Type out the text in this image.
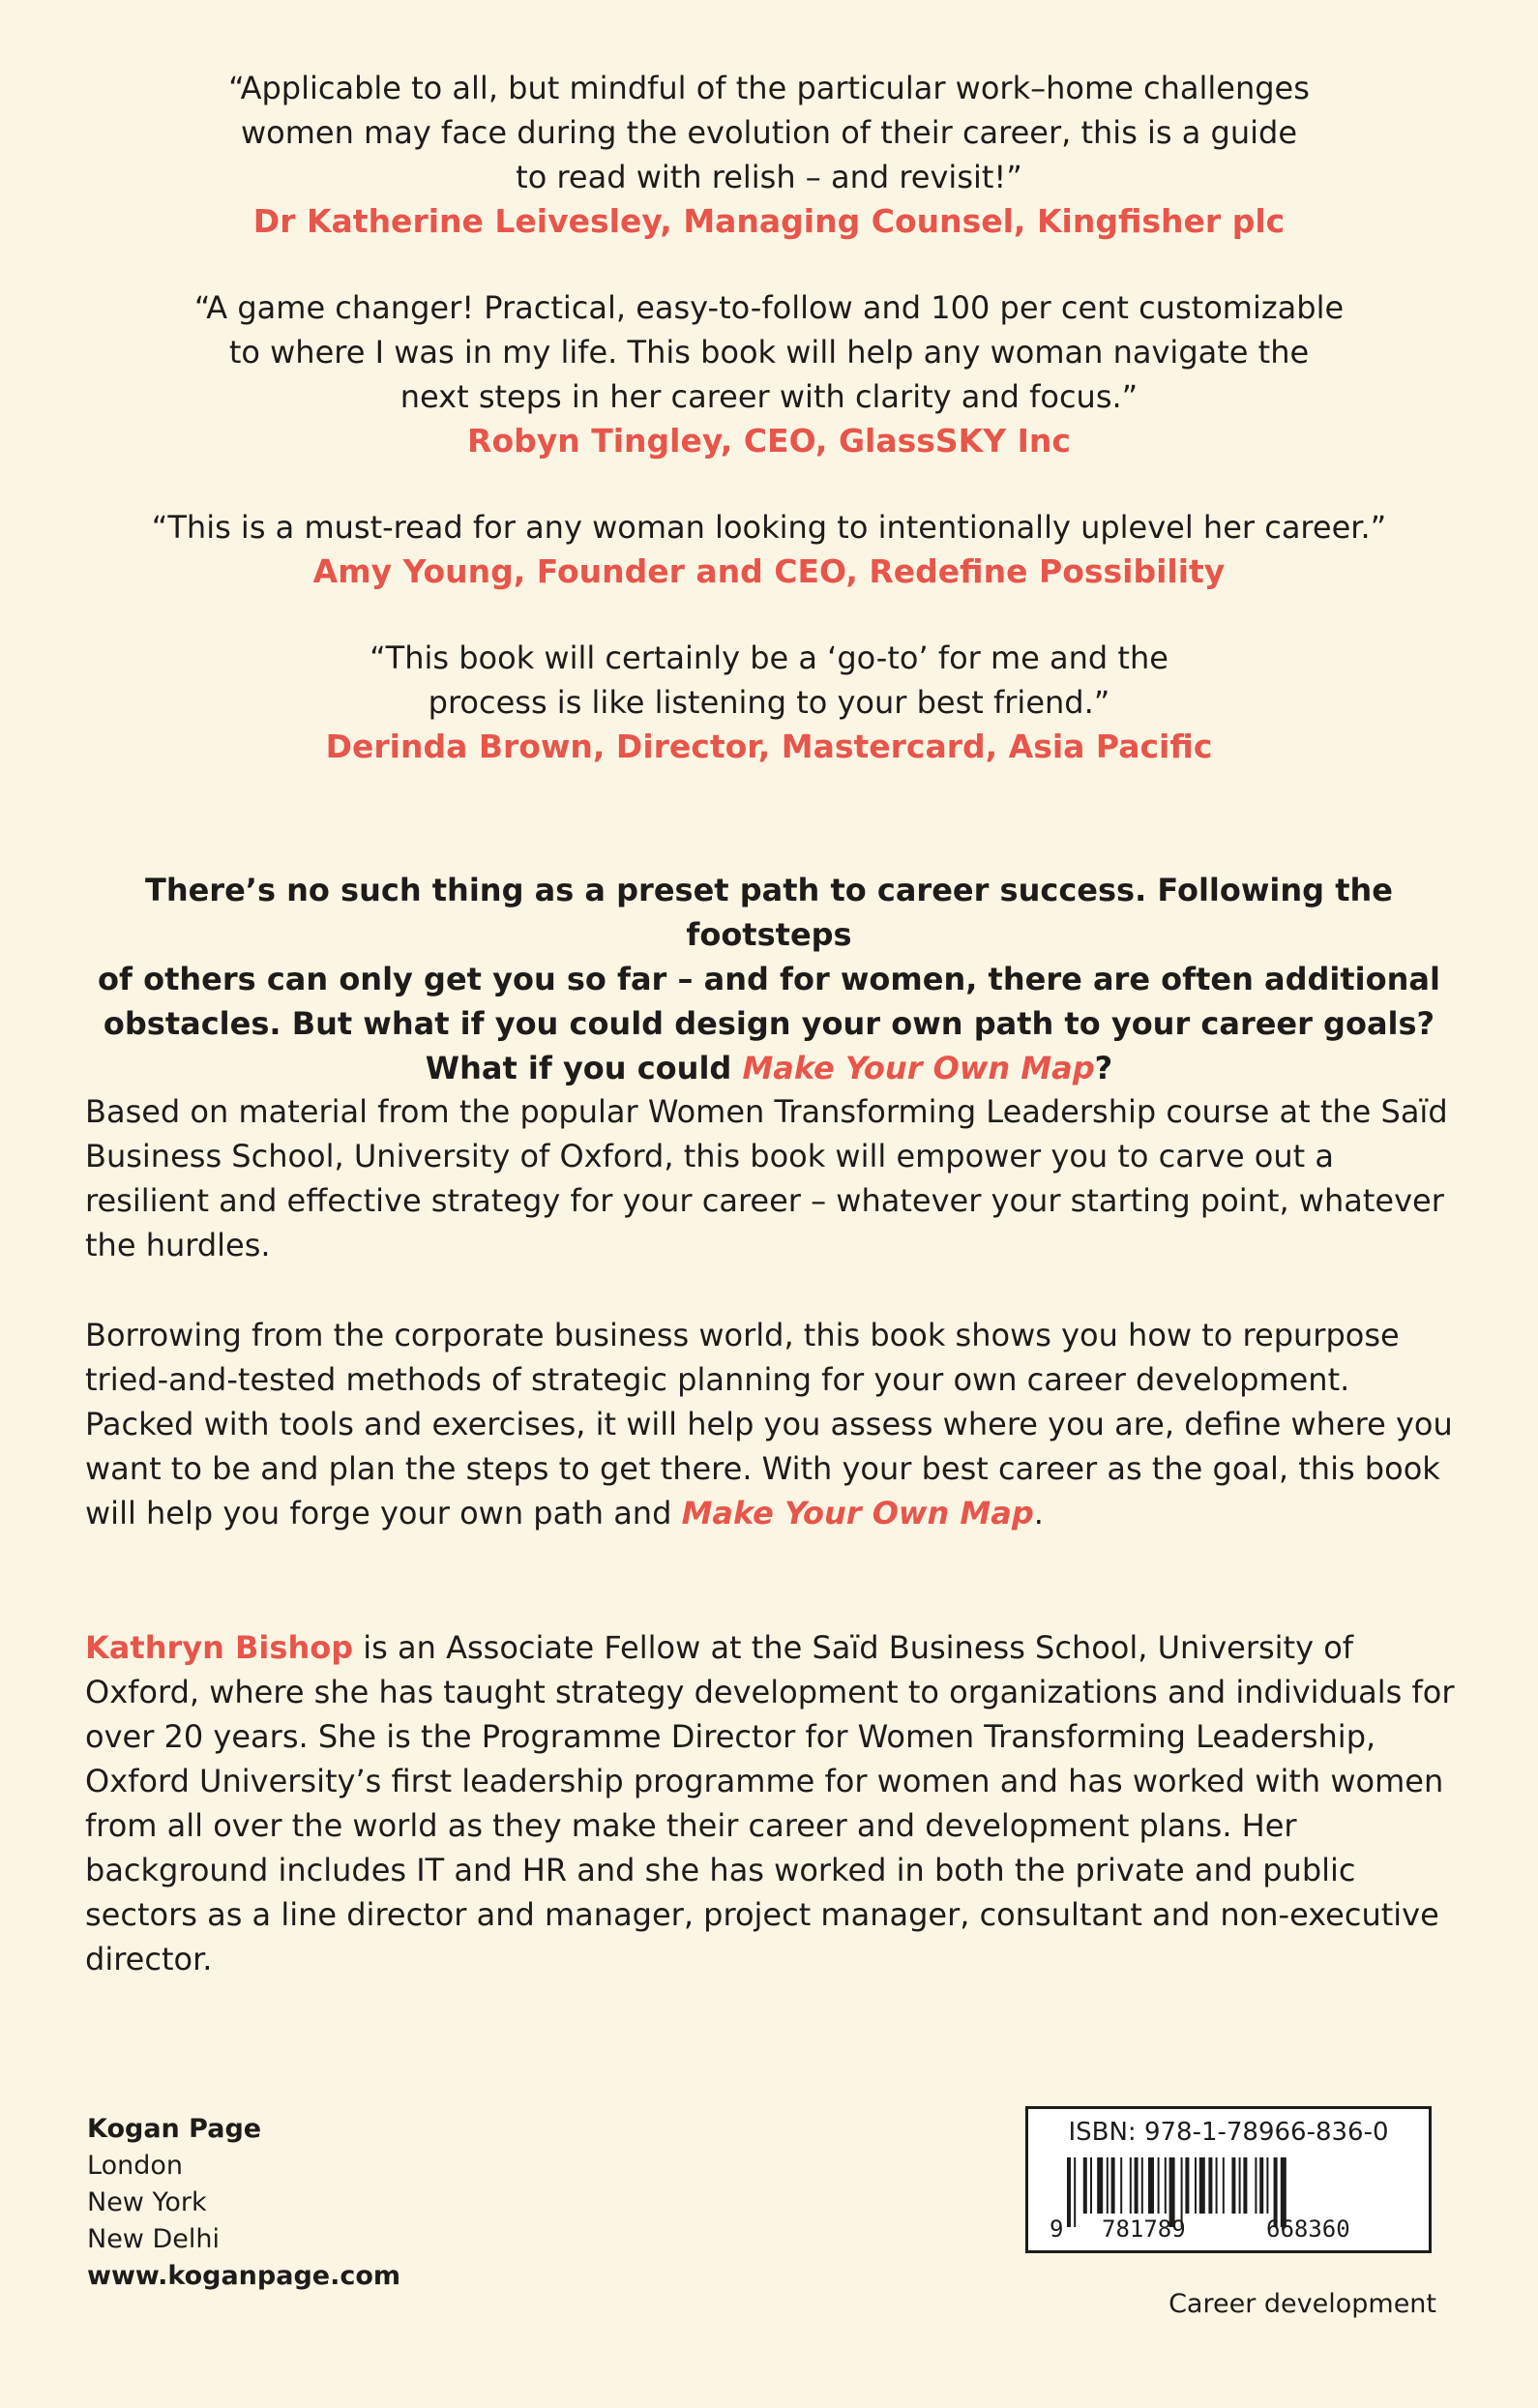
“Applicable to all, but mindful of the particular work–home challenges

women may face during the evolution of their career, this is a guide

to read with relish – and revisit!”

Dr Katherine Leivesley, Managing Counsel, Kingfisher plc

“A game changer! Practical, easy-to-follow and 100 per cent customizable

to where I was in my life. This book will help any woman navigate the

next steps in her career with clarity and focus.”

Robyn Tingley, CEO, GlassSKY Inc

“This is a must-read for any woman looking to intentionally uplevel her career.”

Amy Young, Founder and CEO, Redefine Possibility

“This book will certainly be a ‘go-to’ for me and the

process is like listening to your best friend.”

Derinda Brown, Director, Mastercard, Asia Pacific

There’s no such thing as a preset path to career success. Following the footsteps
of others can only get you so far – and for women, there are often additional
obstacles. But what if you could design your own path to your career goals?
What if you could Make Your Own Map?

Based on material from the popular Women Transforming Leadership course at the Saïd Business School, University of Oxford, this book will empower you to carve out a resilient and effective strategy for your career – whatever your starting point, whatever the hurdles.

Borrowing from the corporate business world, this book shows you how to repurpose tried-and-tested methods of strategic planning for your own career development. Packed with tools and exercises, it will help you assess where you are, define where you want to be and plan the steps to get there. With your best career as the goal, this book will help you forge your own path and Make Your Own Map.

Kathryn Bishop is an Associate Fellow at the Saïd Business School, University of Oxford, where she has taught strategy development to organizations and individuals for over 20 years. She is the Programme Director for Women Transforming Leadership, Oxford University’s first leadership programme for women and has worked with women from all over the world as they make their career and development plans. Her background includes IT and HR and she has worked in both the private and public sectors as a line director and manager, project manager, consultant and non-executive director.

Kogan Page
London
New York
New Delhi
www.koganpage.com
ISBN: 978-1-78966-836-0
9 781789	668360
Career development
